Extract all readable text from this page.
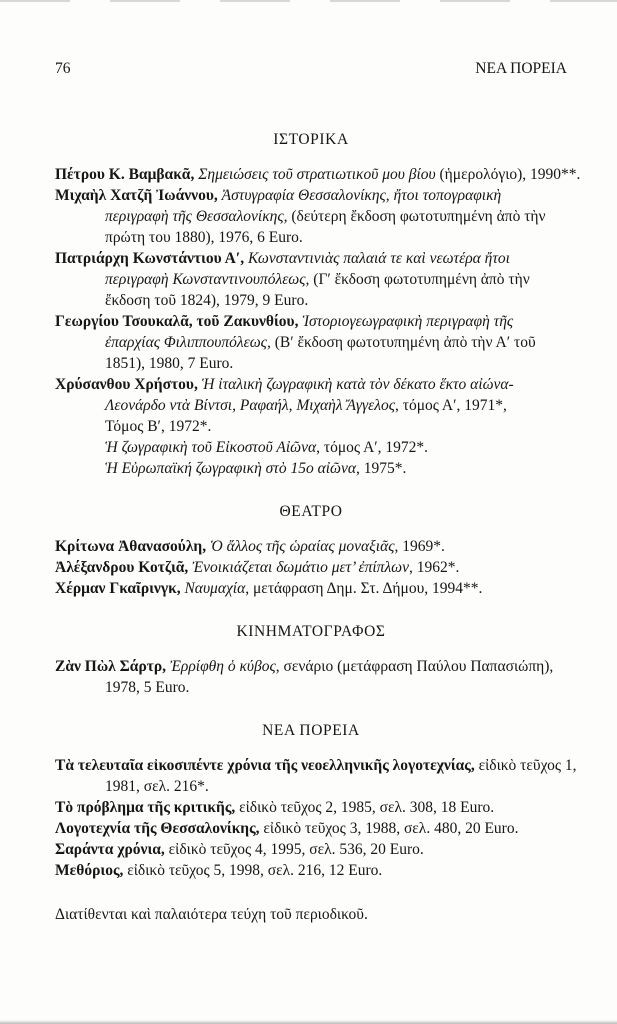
76	ΝΕΑ ΠΟΡΕΙΑ
ΙΣΤΟΡΙΚΑ
Πέτρου Κ. Βαμβακᾶ, Σημειώσεις τοῦ στρατιωτικοῦ μου βίου (ἡμερολόγιο), 1990**.
Μιχαὴλ Χατζῆ Ἰωάννου, Ἀστυγραφία Θεσσαλονίκης, ἤτοι τοπογραφικὴ
περιγραφὴ τῆς Θεσσαλονίκης, (δεύτερη ἔκδοση φωτοτυπημένη ἀπὸ τὴν
πρώτη του 1880), 1976, 6 Euro.
Πατριάρχη Κωνστάντιου Α′, Κωνσταντινιὰς παλαιά τε καὶ νεωτέρα ἤτοι
περιγραφὴ Κωνσταντινουπόλεως, (Γ′ ἔκδοση φωτοτυπημένη ἀπὸ τὴν
ἔκδοση τοῦ 1824), 1979, 9 Euro.
Γεωργίου Τσουκαλᾶ, τοῦ Ζακυνθίου, Ἱστοριογεωγραφικὴ περιγραφὴ τῆς
ἐπαρχίας Φιλιππουπόλεως, (Β′ ἔκδοση φωτοτυπημένη ἀπὸ τὴν Α′ τοῦ
1851), 1980, 7 Euro.
Χρύσανθου Χρήστου, Ἡ ἰταλικὴ ζωγραφικὴ κατὰ τὸν δέκατο ἕκτο αἰώνα-
Λεονάρδο ντὰ Βίντσι, Ραφαήλ, Μιχαὴλ Ἄγγελος, τόμος Α′, 1971*,
Τόμος Β′, 1972*.
Ἡ ζωγραφικὴ τοῦ Εἰκοστοῦ Αἰῶνα, τόμος Α′, 1972*.
Ἡ Εὐρωπαϊκή ζωγραφικὴ στὸ 15ο αἰῶνα, 1975*.
ΘΕΑΤΡΟ
Κρίτωνα Ἀθανασούλη, Ὁ ἄλλος τῆς ὡραίας μοναξιᾶς, 1969*.
Ἀλέξανδρου Κοτζιᾶ, Ἐνοικιάζεται δωμάτιο μετ’ ἐπίπλων, 1962*.
Χέρμαν Γκαῖρινγκ, Ναυμαχία, μετάφραση Δημ. Στ. Δήμου, 1994**.
ΚΙΝΗΜΑΤΟΓΡΑΦΟΣ
Ζὰν Πὼλ Σάρτρ, Ἐρρίφθη ὁ κύβος, σενάριο (μετάφραση Παύλου Παπασιώπη),
1978, 5 Euro.
ΝΕΑ ΠΟΡΕΙΑ
Τὰ τελευταῖα εἰκοσιπέντε χρόνια τῆς νεοελληνικῆς λογοτεχνίας, εἰδικὸ τεῦχος 1,
1981, σελ. 216*.
Τὸ πρόβλημα τῆς κριτικῆς, εἰδικὸ τεῦχος 2, 1985, σελ. 308, 18 Euro.
Λογοτεχνία τῆς Θεσσαλονίκης, εἰδικὸ τεῦχος 3, 1988, σελ. 480, 20 Euro.
Σαράντα χρόνια, εἰδικὸ τεῦχος 4, 1995, σελ. 536, 20 Euro.
Μεθόριος, εἰδικὸ τεῦχος 5, 1998, σελ. 216, 12 Euro.
Διατίθενται καὶ παλαιότερα τεύχη τοῦ περιοδικοῦ.
